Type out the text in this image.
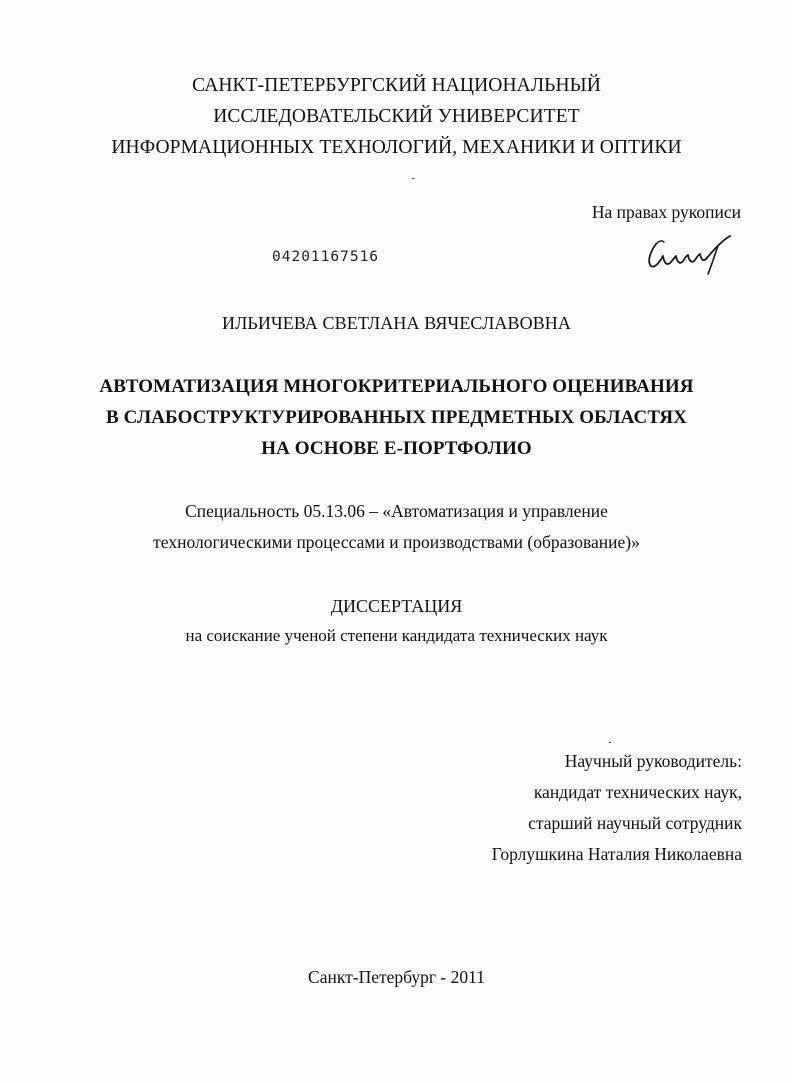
САНКТ-ПЕТЕРБУРГСКИЙ НАЦИОНАЛЬНЫЙ
ИССЛЕДОВАТЕЛЬСКИЙ УНИВЕРСИТЕТ
ИНФОРМАЦИОННЫХ ТЕХНОЛОГИЙ, МЕХАНИКИ И ОПТИКИ
На правах рукописи
04201167516
ИЛЬИЧЕВА СВЕТЛАНА ВЯЧЕСЛАВОВНА
АВТОМАТИЗАЦИЯ МНОГОКРИТЕРИАЛЬНОГО ОЦЕНИВАНИЯ
В СЛАБОСТРУКТУРИРОВАННЫХ ПРЕДМЕТНЫХ ОБЛАСТЯХ
НА ОСНОВЕ Е-ПОРТФОЛИО
Специальность 05.13.06 – «Автоматизация и управление
технологическими процессами и производствами (образование)»
ДИССЕРТАЦИЯ
на соискание ученой степени кандидата технических наук
Научный руководитель:
кандидат технических наук,
старший научный сотрудник
Горлушкина Наталия Николаевна
Санкт-Петербург - 2011
